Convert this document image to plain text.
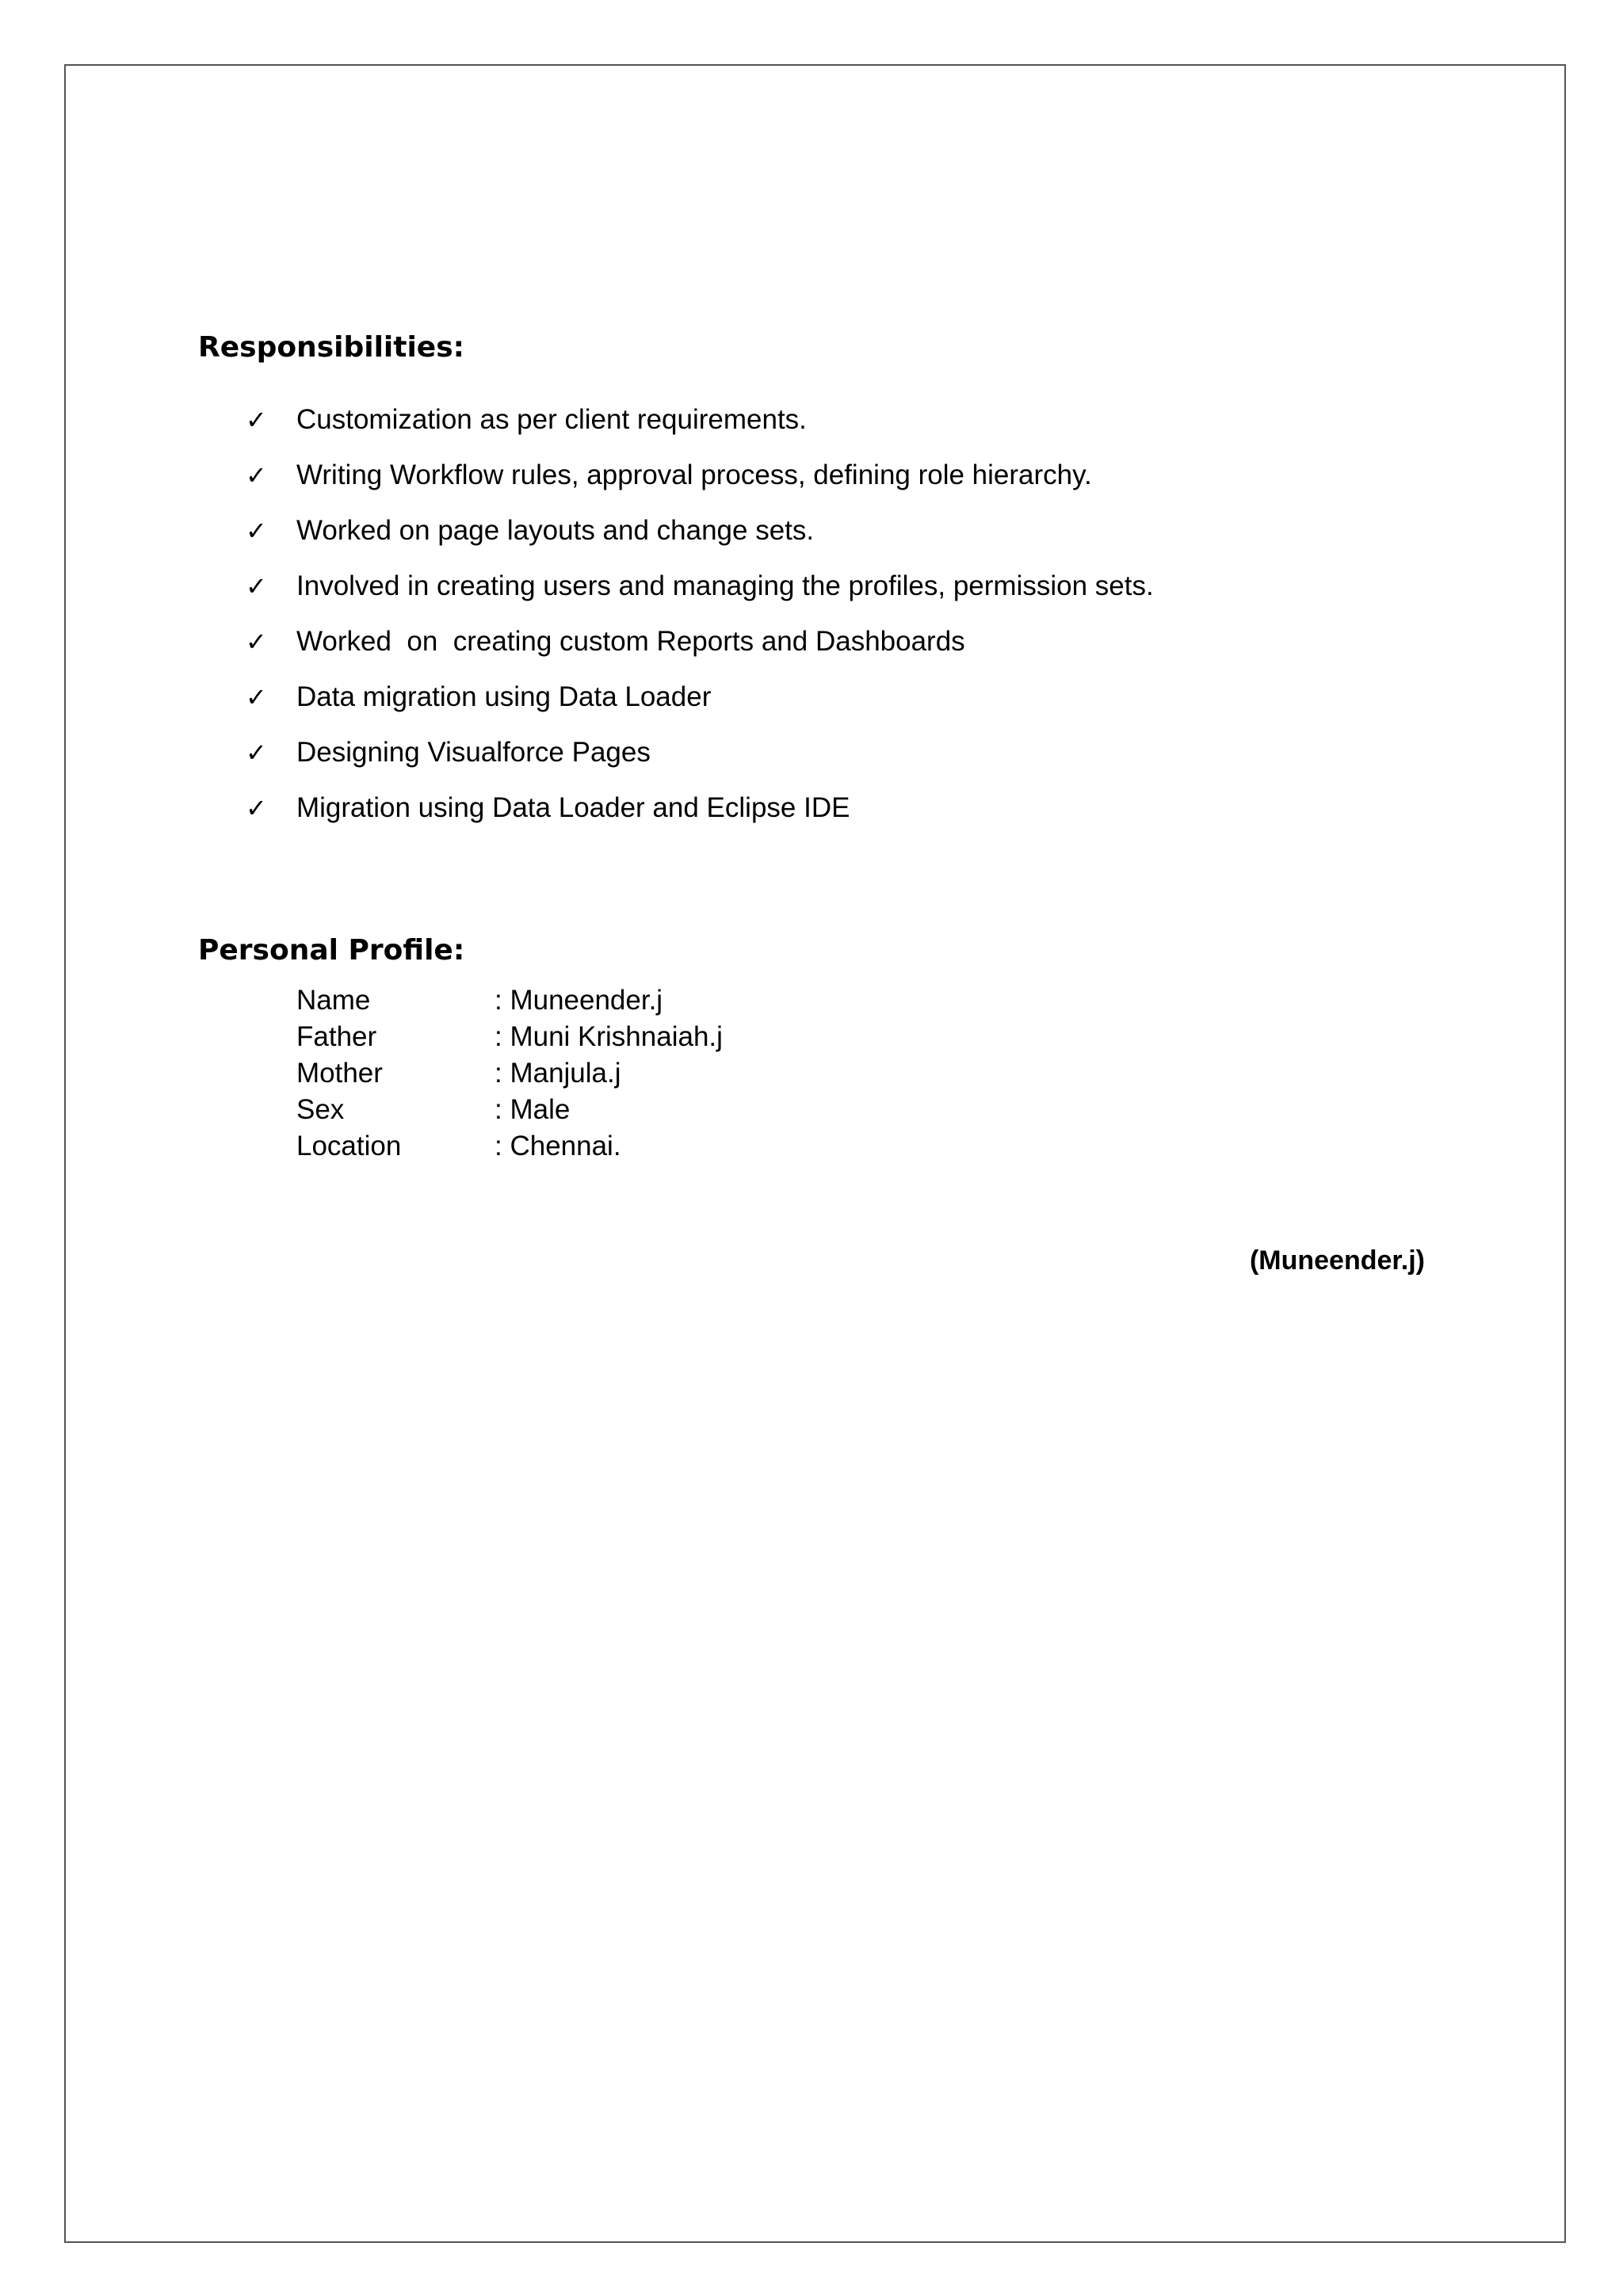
Responsibilities:
✓ Customization as per client requirements.
✓ Writing Workflow rules, approval process, defining role hierarchy.
✓ Worked on page layouts and change sets.
✓ Involved in creating users and managing the profiles, permission sets.
✓ Worked  on  creating custom Reports and Dashboards
✓ Data migration using Data Loader
✓ Designing Visualforce Pages
✓ Migration using Data Loader and Eclipse IDE
Personal Profile:
Name	: Muneender.j
Father	: Muni Krishnaiah.j
Mother	: Manjula.j
Sex	: Male
Location	: Chennai.
(Muneender.j)
